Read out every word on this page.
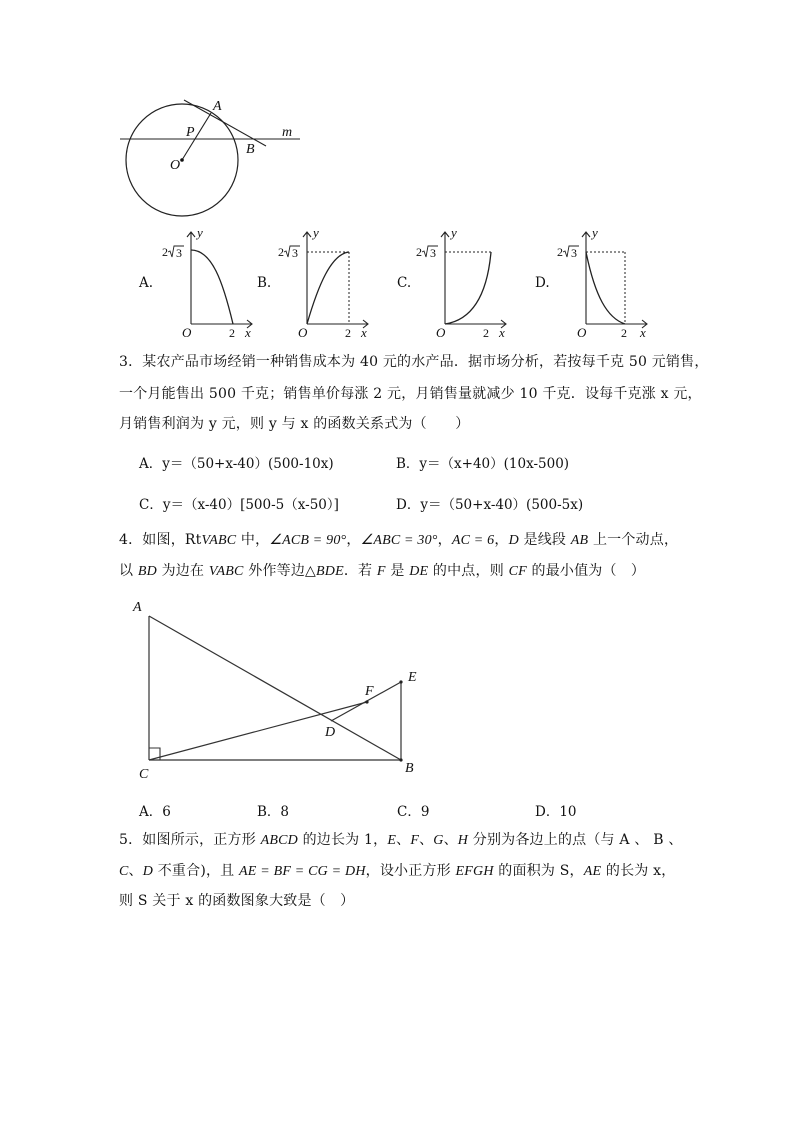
A
P	m
O
B
A.	B.	C.	D.
y
2 3
O	2 x
y
2 3
O	2 x
y
2 3
O	2 x
y
2 3
O	2 x
3．某农产品市场经销一种销售成本为 40 元的水产品．据市场分析，若按每千克 50 元销售，
一个月能售出 500 千克；销售单价每涨 2 元，月销售量就减少 10 千克．设每千克涨 x 元，
月销售利润为 y 元，则 y 与 x 的函数关系式为（　　）
A．y＝（50+x-40）(500-10x)	B．y＝（x+40）(10x-500)
C．y＝（x-40）[500-5（x-50）]	D．y＝（50+x-40）(500-5x)
4．如图，RtVABC 中，∠ACB = 90°，∠ABC = 30°，AC = 6，D 是线段 AB 上一个动点，
以 BD 为边在 VABC 外作等边△BDE．若 F 是 DE 的中点，则 CF 的最小值为（　）
A
E
F
D
C	B
A．6	B．8	C．9	D．10
5．如图所示，正方形 ABCD 的边长为 1，E、F、G、H 分别为各边上的点（与 A 、 B 、
C、D 不重合)，且 AE = BF = CG = DH，设小正方形 EFGH 的面积为 S，AE 的长为 x，
则 S 关于 x 的函数图象大致是（　）
